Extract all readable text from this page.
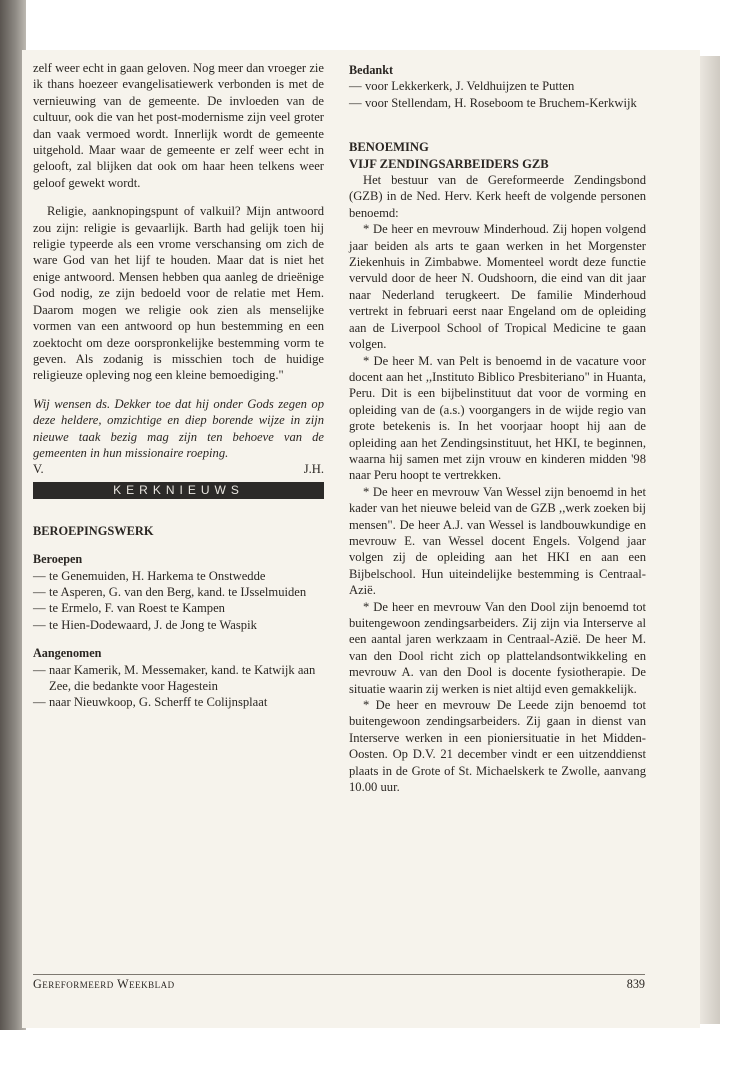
zelf weer echt in gaan geloven. Nog meer dan vroeger zie ik thans hoezeer evangelisatiewerk verbonden is met de vernieuwing van de gemeente. De invloeden van de cultuur, ook die van het post-modernisme zijn veel groter dan vaak vermoed wordt. Innerlijk wordt de gemeente uitgehold. Maar waar de gemeente er zelf weer echt in gelooft, zal blijken dat ook om haar heen telkens weer geloof gewekt wordt.

Religie, aanknopingspunt of valkuil? Mijn antwoord zou zijn: religie is gevaarlijk. Barth had gelijk toen hij religie typeerde als een vrome verschansing om zich de ware God van het lijf te houden. Maar dat is niet het enige antwoord. Mensen hebben qua aanleg de drieënige God nodig, ze zijn bedoeld voor de relatie met Hem. Daarom mogen we religie ook zien als menselijke vormen van een antwoord op hun bestemming en een zoektocht om deze oorspronkelijke bestemming vorm te geven. Als zodanig is misschien toch de huidige religieuze opleving nog een kleine bemoediging."

Wij wensen ds. Dekker toe dat hij onder Gods zegen op deze heldere, omzichtige en diep borende wijze in zijn nieuwe taak bezig mag zijn ten behoeve van de gemeenten in hun missionaire roeping.

V.	J.H.
KERKNIEUWS
BEROEPINGSWERK
Beroepen
— te Genemuiden, H. Harkema te Onstwedde
— te Asperen, G. van den Berg, kand. te IJsselmuiden
— te Ermelo, F. van Roest te Kampen
— te Hien-Dodewaard, J. de Jong te Waspik
Aangenomen
— naar Kamerik, M. Messemaker, kand. te Katwijk aan Zee, die bedankte voor Hagestein
— naar Nieuwkoop, G. Scherff te Colijnsplaat
Bedankt
— voor Lekkerkerk, J. Veldhuijzen te Putten
— voor Stellendam, H. Roseboom te Bruchem-Kerkwijk
BENOEMING
VIJF ZENDINGSARBEIDERS GZB

Het bestuur van de Gereformeerde Zendingsbond (GZB) in de Ned. Herv. Kerk heeft de volgende personen benoemd:

* De heer en mevrouw Minderhoud. Zij hopen volgend jaar beiden als arts te gaan werken in het Morgenster Ziekenhuis in Zimbabwe. Momenteel wordt deze functie vervuld door de heer N. Oudshoorn, die eind van dit jaar naar Nederland terugkeert. De familie Minderhoud vertrekt in februari eerst naar Engeland om de opleiding aan de Liverpool School of Tropical Medicine te gaan volgen.

* De heer M. van Pelt is benoemd in de vacature voor docent aan het ,,Instituto Biblico Presbiteriano" in Huanta, Peru. Dit is een bijbelinstituut dat voor de vorming en opleiding van de (a.s.) voorgangers in de wijde regio van grote betekenis is. In het voorjaar hoopt hij aan de opleiding aan het Zendingsinstituut, het HKI, te beginnen, waarna hij samen met zijn vrouw en kinderen midden '98 naar Peru hoopt te vertrekken.

* De heer en mevrouw Van Wessel zijn benoemd in het kader van het nieuwe beleid van de GZB ,,werk zoeken bij mensen". De heer A.J. van Wessel is landbouwkundige en mevrouw E. van Wessel docent Engels. Volgend jaar volgen zij de opleiding aan het HKI en aan een Bijbelschool. Hun uiteindelijke bestemming is Centraal-Azië.

* De heer en mevrouw Van den Dool zijn benoemd tot buitengewoon zendingsarbeiders. Zij zijn via Interserve al een aantal jaren werkzaam in Centraal-Azië. De heer M. van den Dool richt zich op plattelandsontwikkeling en mevrouw A. van den Dool is docente fysiotherapie. De situatie waarin zij werken is niet altijd even gemakkelijk.

* De heer en mevrouw De Leede zijn benoemd tot buitengewoon zendingsarbeiders. Zij gaan in dienst van Interserve werken in een pioniersituatie in het Midden-Oosten. Op D.V. 21 december vindt er een uitzenddienst plaats in de Grote of St. Michaelskerk te Zwolle, aanvang 10.00 uur.

Gereformeerd Weekblad	839
